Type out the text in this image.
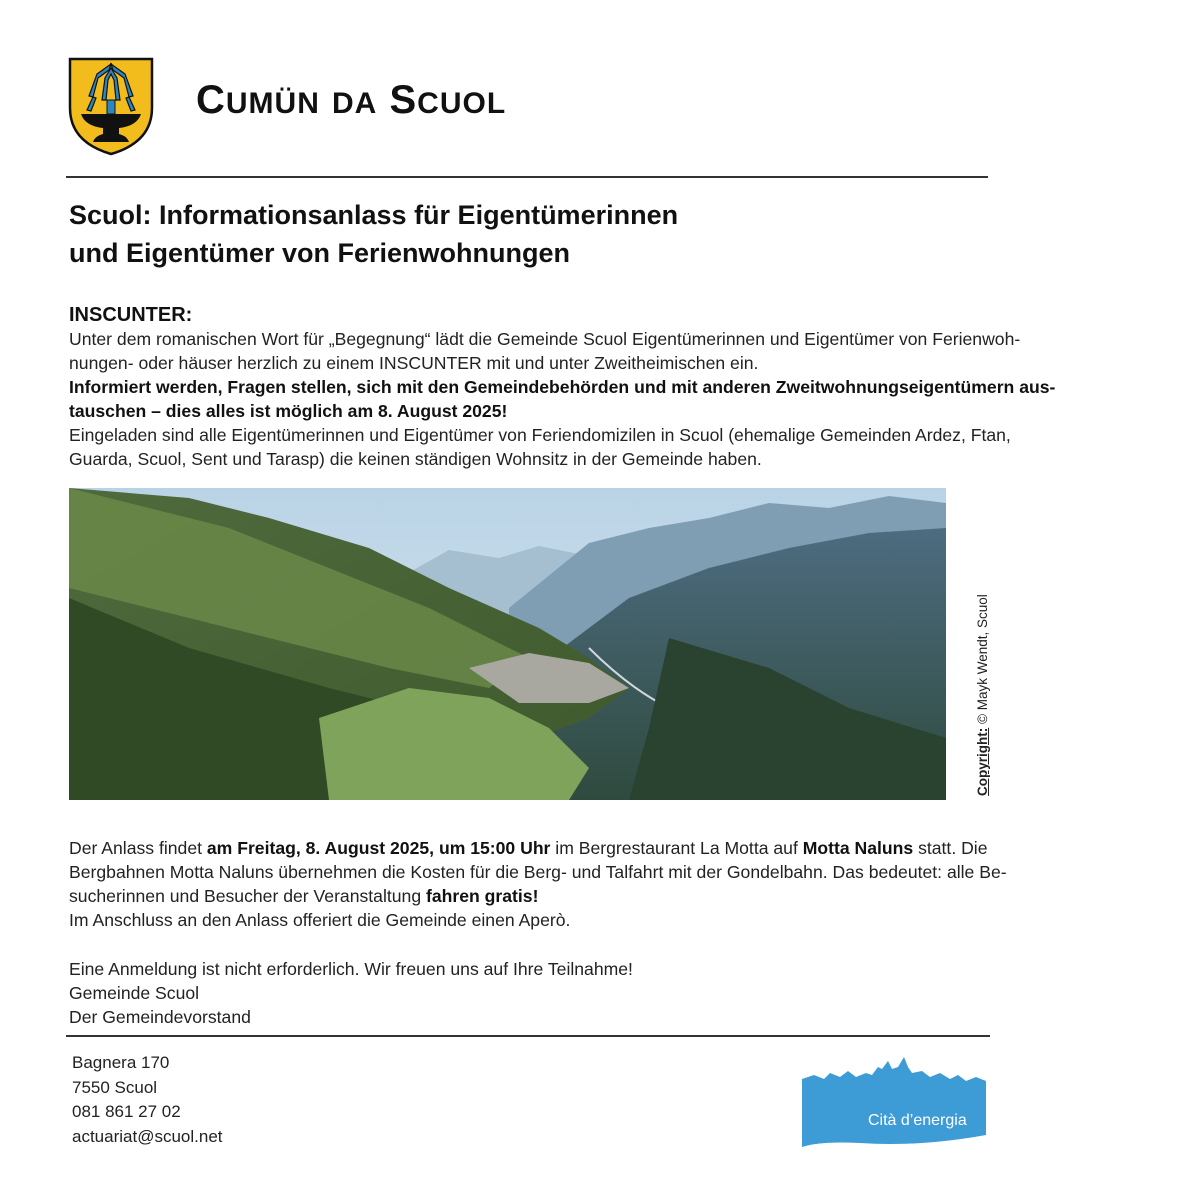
CUMÜN DA SCUOL
Scuol: Informationsanlass für Eigentümerinnen
und Eigentümer von Ferienwohnungen
INSCUNTER:
Unter dem romanischen Wort für „Begegnung“ lädt die Gemeinde Scuol Eigentümerinnen und Eigentümer von Ferienwoh-
nungen- oder häuser herzlich zu einem INSCUNTER mit und unter Zweitheimischen ein.
Informiert werden, Fragen stellen, sich mit den Gemeindebehörden und mit anderen Zweitwohnungseigentümern aus-
tauschen – dies alles ist möglich am 8. August 2025!
Eingeladen sind alle Eigentümerinnen und Eigentümer von Feriendomizilen in Scuol (ehemalige Gemeinden Ardez, Ftan,
Guarda, Scuol, Sent und Tarasp) die keinen ständigen Wohnsitz in der Gemeinde haben.
Copyright: © Mayk Wendt, Scuol
Der Anlass findet am Freitag, 8. August 2025, um 15:00 Uhr im Bergrestaurant La Motta auf Motta Naluns statt. Die
Bergbahnen Motta Naluns übernehmen die Kosten für die Berg- und Talfahrt mit der Gondelbahn. Das bedeutet: alle Be-
sucherinnen und Besucher der Veranstaltung fahren gratis!
Im Anschluss an den Anlass offeriert die Gemeinde einen Aperò.
Eine Anmeldung ist nicht erforderlich. Wir freuen uns auf Ihre Teilnahme!
Gemeinde Scuol
Der Gemeindevorstand
Bagnera 170
7550 Scuol
081 861 27 02
actuariat@scuol.net
Cità d’energia
